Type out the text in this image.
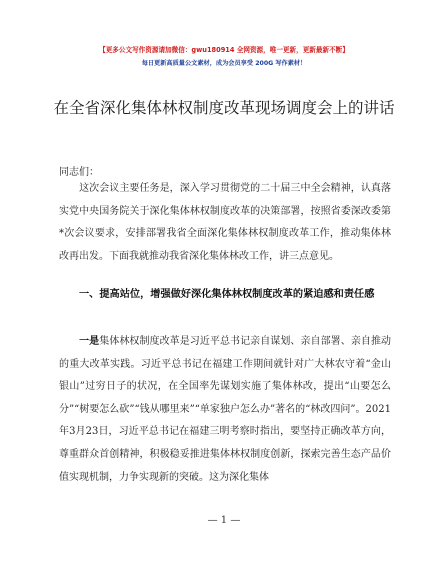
【更多公文写作资源请加微信：gwu180914 全网资源，唯一更新，更新最新不断】
每日更新高质量公文素材，成为会员享受 200G 写作素材！
在全省深化集体林权制度改革现场调度会上的讲话
同志们：
这次会议主要任务是，深入学习贯彻党的二十届三中全会精神，认真落实党中央国务院关于深化集体林权制度改革的决策部署，按照省委深改委第*次会议要求，安排部署我省全面深化集体林权制度改革工作，推动集体林改再出发。下面我就推动我省深化集体林改工作，讲三点意见。
一、提高站位，增强做好深化集体林权制度改革的紧迫感和责任感
一是集体林权制度改革是习近平总书记亲自谋划、亲自部署、亲自推动的重大改革实践。习近平总书记在福建工作期间就针对广大林农守着“金山银山”过穷日子的状况，在全国率先谋划实施了集体林改，提出“山要怎么分”“树要怎么砍”“钱从哪里来”“单家独户怎么办”著名的“林改四问”。2021年3月23日，习近平总书记在福建三明考察时指出，要坚持正确改革方向，尊重群众首创精神，积极稳妥推进集体林权制度创新，探索完善生态产品价值实现机制，力争实现新的突破。这为深化集体
— 1 —
